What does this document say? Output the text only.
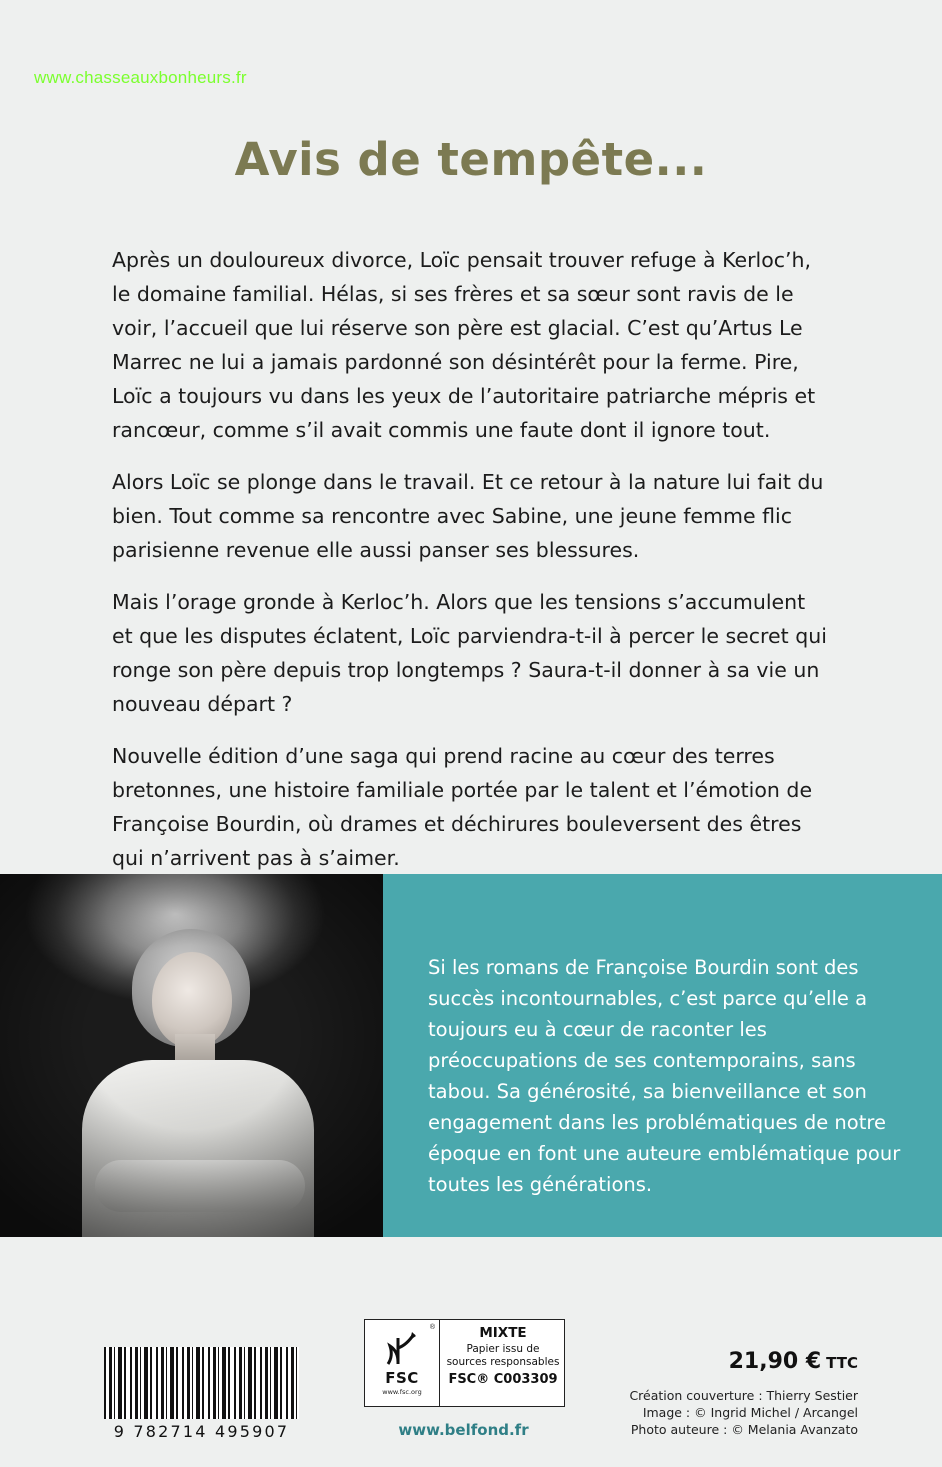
www.chasseauxbonheurs.fr
Avis de tempête...

Après un douloureux divorce, Loïc pensait trouver refuge à Kerloc’h, le domaine familial. Hélas, si ses frères et sa sœur sont ravis de le voir, l’accueil que lui réserve son père est glacial. C’est qu’Artus Le Marrec ne lui a jamais pardonné son désintérêt pour la ferme. Pire, Loïc a toujours vu dans les yeux de l’autoritaire patriarche mépris et rancœur, comme s’il avait commis une faute dont il ignore tout.

Alors Loïc se plonge dans le travail. Et ce retour à la nature lui fait du bien. Tout comme sa rencontre avec Sabine, une jeune femme flic parisienne revenue elle aussi panser ses blessures.

Mais l’orage gronde à Kerloc’h. Alors que les tensions s’accumulent et que les disputes éclatent, Loïc parviendra-t-il à percer le secret qui ronge son père depuis trop longtemps ? Saura-t-il donner à sa vie un nouveau départ ?

Nouvelle édition d’une saga qui prend racine au cœur des terres bretonnes, une histoire familiale portée par le talent et l’émotion de Françoise Bourdin, où drames et déchirures bouleversent des êtres qui n’arrivent pas à s’aimer.

Si les romans de Françoise Bourdin sont des succès incontournables, c’est parce qu’elle a toujours eu à cœur de raconter les préoccupations de ses contemporains, sans tabou. Sa générosité, sa bienveillance et son engagement dans les problématiques de notre époque en font une auteure emblématique pour toutes les générations.
9 782714 495907
®
FSC
www.fsc.org
MIXTE
Papier issu de sources responsables
FSC® C003309
www.belfond.fr
21,90 € TTC
Création couverture : Thierry Sestier
Image : © Ingrid Michel / Arcangel
Photo auteure : © Melania Avanzato
